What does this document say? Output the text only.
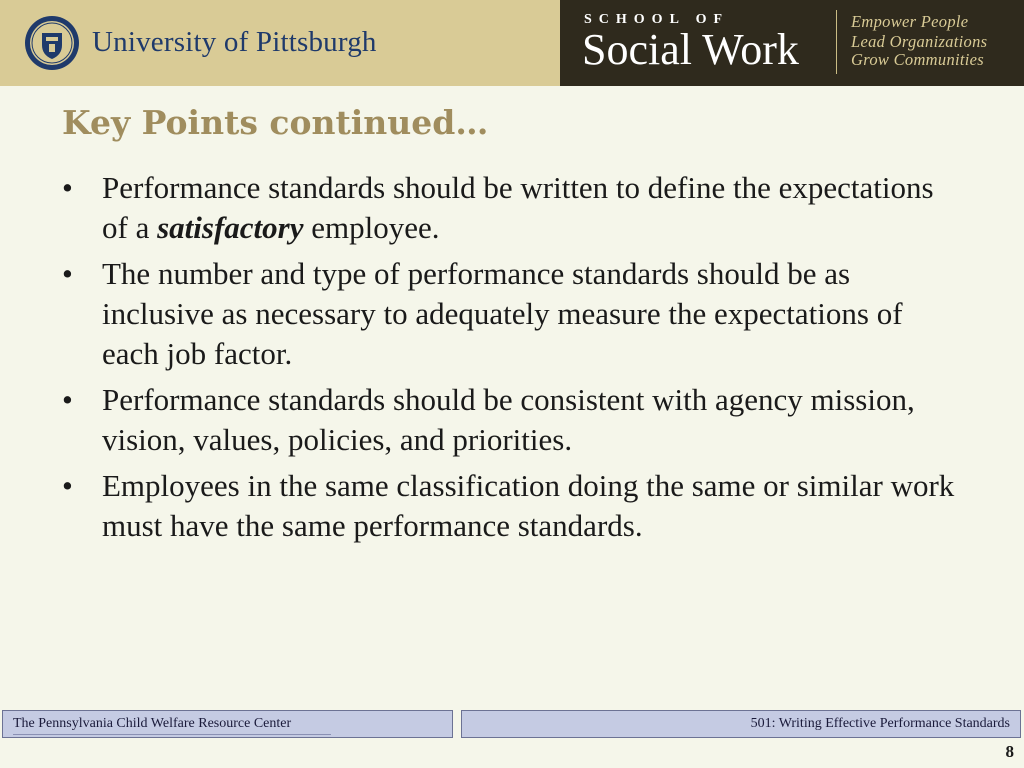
University of Pittsburgh
SCHOOL OF
Social Work
Empower People
Lead Organizations
Grow Communities
Key Points continued…
• Performance standards should be written to define the expectations of a satisfactory employee.
• The number and type of performance standards should be as inclusive as necessary to adequately measure the expectations of each job factor.
• Performance standards should be consistent with agency mission, vision, values, policies, and priorities.
• Employees in the same classification doing the same or similar work must have the same performance standards.
The Pennsylvania Child Welfare Resource Center	501: Writing Effective Performance Standards
8
